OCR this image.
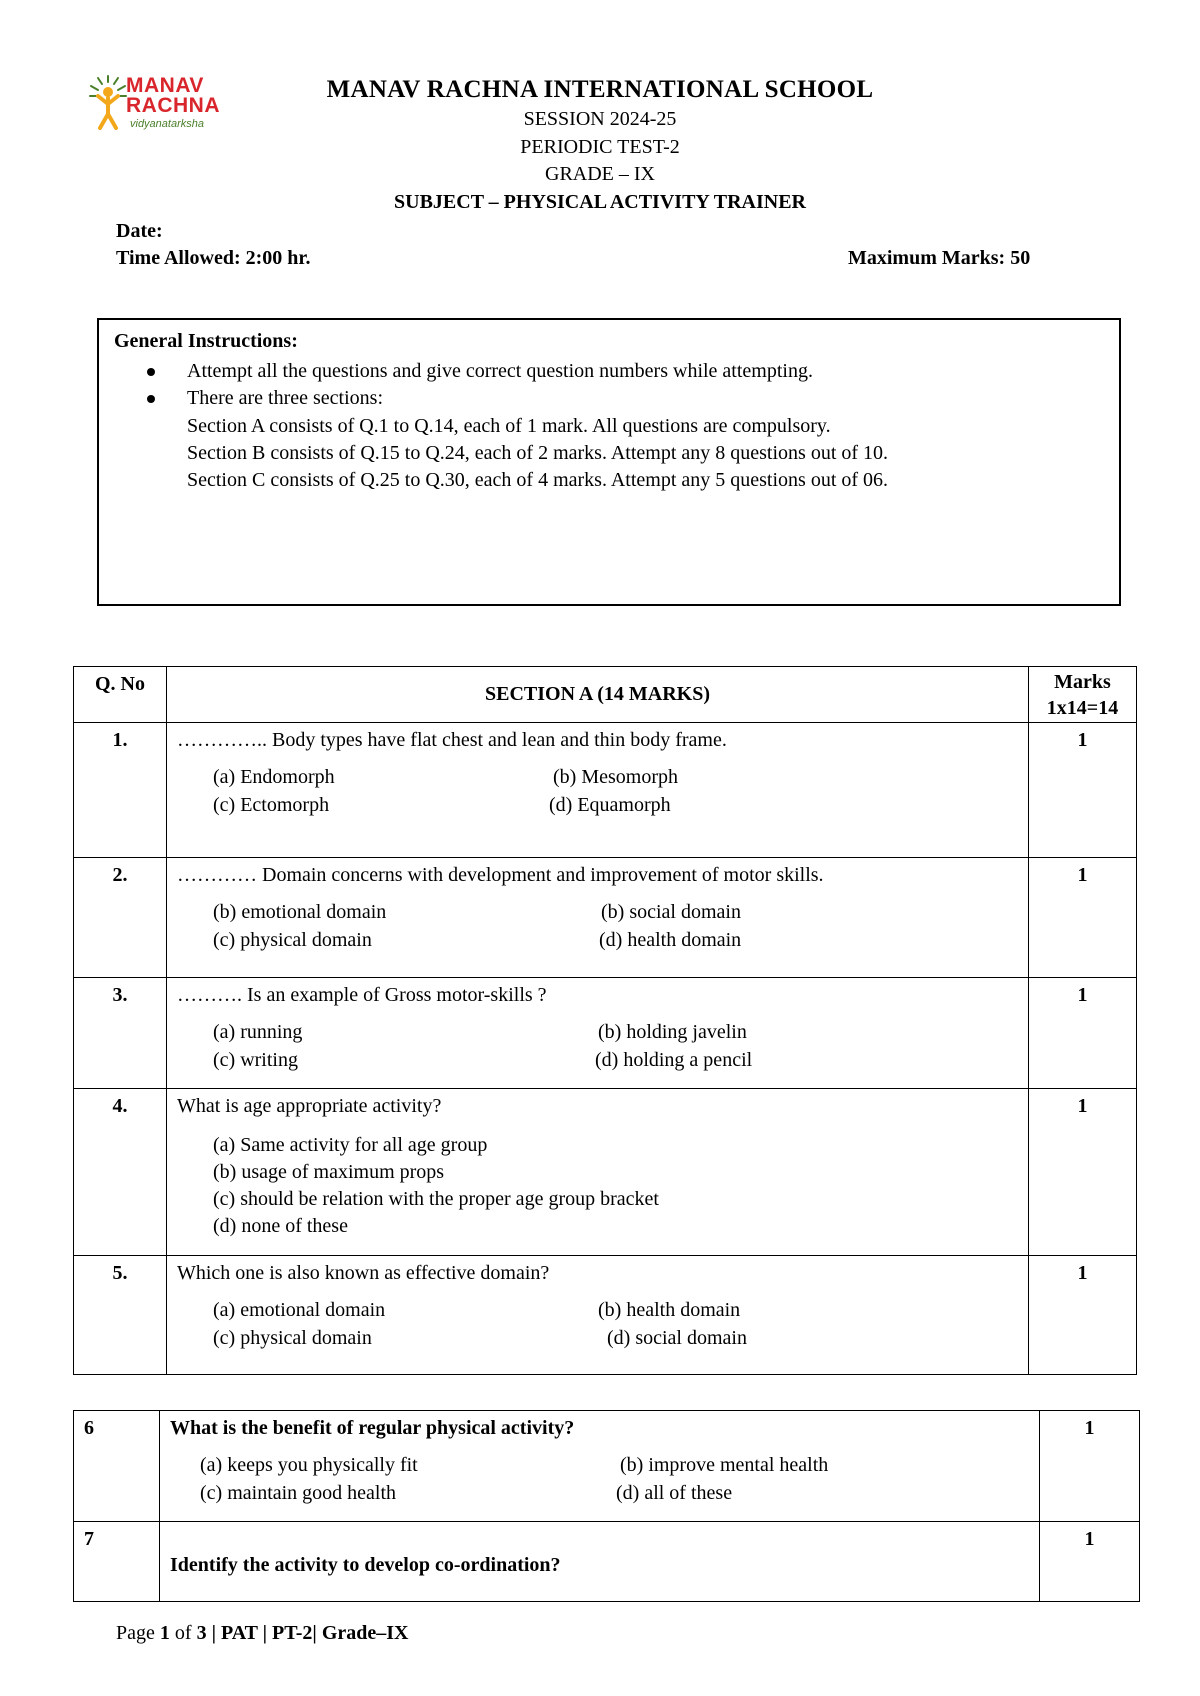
MANAV
RACHNA
vidyanatarksha
MANAV RACHNA INTERNATIONAL SCHOOL
SESSION 2024-25
PERIODIC TEST-2
GRADE – IX
SUBJECT – PHYSICAL ACTIVITY TRAINER
Date:
Time Allowed: 2:00 hr.	Maximum Marks: 50
General Instructions:
Attempt all the questions and give correct question numbers while attempting.
There are three sections:
Section A consists of Q.1 to Q.14, each of 1 mark. All questions are compulsory.
Section B consists of Q.15 to Q.24, each of 2 marks. Attempt any 8 questions out of 10.
Section C consists of Q.25 to Q.30, each of 4 marks. Attempt any 5 questions out of 06.
Q. No	SECTION A (14 MARKS)	Marks
1x14=14

1.	………….. Body types have flat chest and lean and thin body frame.
(a) Endomorph (b) Mesomorph
(c) Ectomorph (d) Equamorph	1
2.	………… Domain concerns with development and improvement of motor skills.
(b) emotional domain (b) social domain
(c) physical domain (d) health domain	1
3.	………. Is an example of Gross motor-skills ?
(a) running (b) holding javelin
(c) writing (d) holding a pencil	1
4.	What is age appropriate activity?
(a) Same activity for all age group
(b) usage of maximum props
(c) should be relation with the proper age group bracket
(d) none of these	1
5.	Which one is also known as effective domain?
(a) emotional domain (b) health domain
(c) physical domain (d) social domain	1
6	What is the benefit of regular physical activity?
(a) keeps you physically fit (b) improve mental health
(c) maintain good health (d) all of these	1
7	Identify the activity to develop co-ordination?	1
Page 1 of 3 | PAT | PT-2| Grade–IX
